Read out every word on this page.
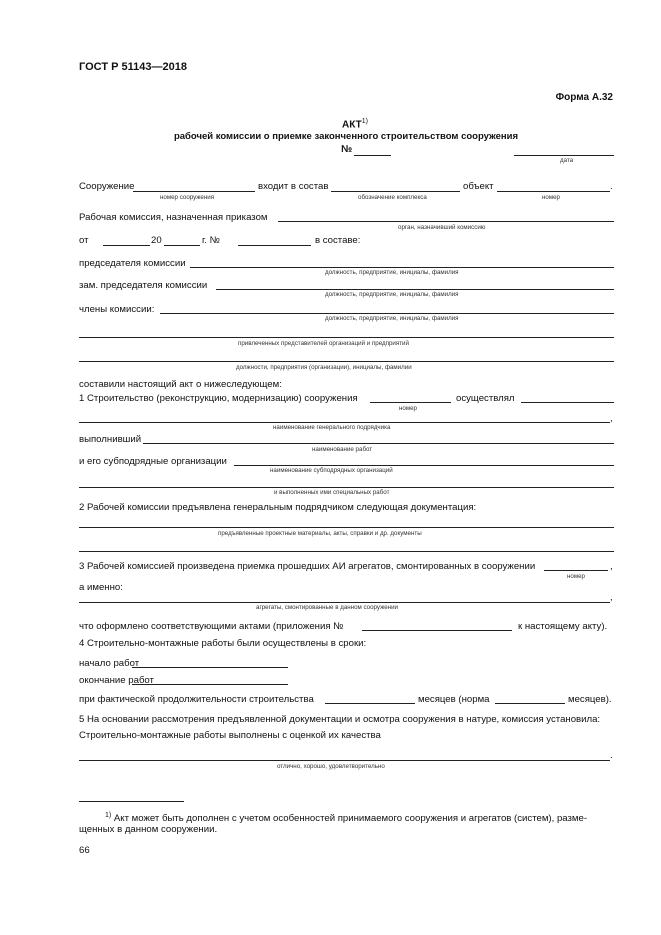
ГОСТ Р 51143—2018
Форма А.32
АКТ$^{1)}$
рабочей комиссии о приемке законченного строительством сооружения
№
дата
Сооружение	входит в состав	объект	.
номер сооружения	обозначение комплекса	номер
Рабочая комиссия, назначенная приказом
орган, назначивший комиссию
от	20	г. №	в составе:
председателя комиссии
должность, предприятие, инициалы, фамилия
зам. председателя комиссии
должность, предприятие, инициалы, фамилия
члены комиссии:
должность, предприятие, инициалы, фамилия
привлеченных представителей организаций и предприятий
должности, предприятия (организации), инициалы, фамилии
составили настоящий акт о нижеследующем:
1 Строительство (реконструкцию, модернизацию) сооружения	осуществлял
номер
,
наименование генерального подрядчика
выполнивший
наименование работ
и его субподрядные организации
наименование субподрядных организаций
и выполненных ими специальных работ
2 Рабочей комиссии предъявлена генеральным подрядчиком следующая документация:
предъявленные проектные материалы, акты, справки и др. документы
3 Рабочей комиссией произведена приемка прошедших АИ агрегатов, смонтированных в сооружении	,
номер
а именно:
,
агрегаты, смонтированные в данном сооружении
что оформлено соответствующими актами (приложения №	к настоящему акту).
4 Строительно-монтажные работы были осуществлены в сроки:
начало работ
окончание работ
при фактической продолжительности строительства	месяцев (норма	месяцев).
5 На основании рассмотрения предъявленной документации и осмотра сооружения в натуре, комиссия установила:
Строительно-монтажные работы выполнены с оценкой их качества
.
отлично, хорошо, удовлетворительно
$^{1)}$ Акт может быть дополнен с учетом особенностей принимаемого сооружения и агрегатов (систем), разме-
щенных в данном сооружении.
66
